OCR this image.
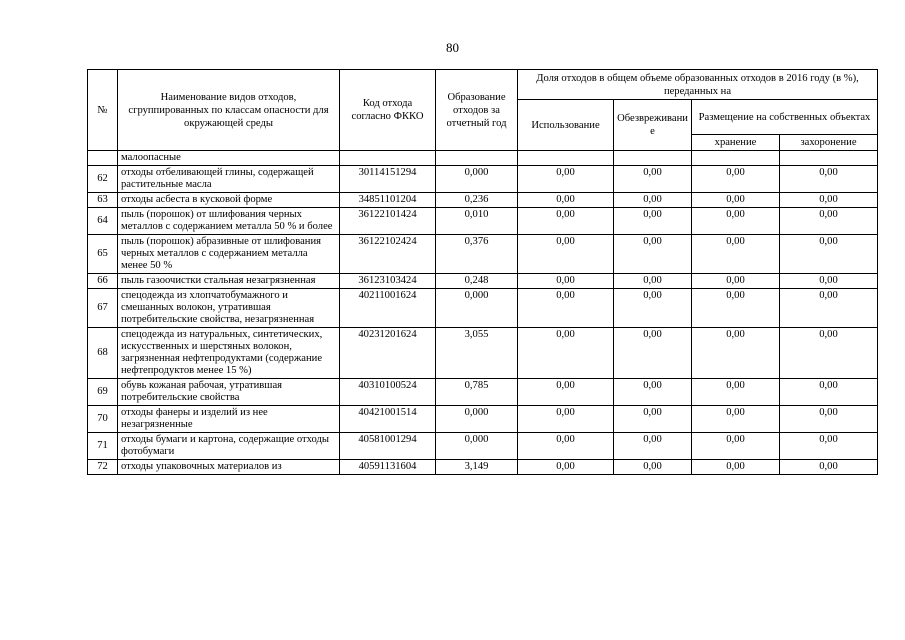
80
№	Наименование видов отходов, сгруппированных по классам опасности для окружающей среды	Код отхода согласно ФККО	Образование отходов за отчетный год	Доля отходов в общем объеме образованных отходов в 2016 году (в %), переданных на			
				Использование	Обезвреживание	Размещение на собственных объектах	
						хранение	захоронение
	малоопасные						
62	отходы отбеливающей глины, содержащей растительные масла	30114151294	0,000	0,00	0,00	0,00	0,00
63	отходы асбеста в кусковой форме	34851101204	0,236	0,00	0,00	0,00	0,00
64	пыль (порошок) от шлифования черных металлов с содержанием металла 50 % и более	36122101424	0,010	0,00	0,00	0,00	0,00
65	пыль (порошок) абразивные от шлифования черных металлов с содержанием металла менее 50 %	36122102424	0,376	0,00	0,00	0,00	0,00
66	пыль газоочистки стальная незагрязненная	36123103424	0,248	0,00	0,00	0,00	0,00
67	спецодежда из хлопчатобумажного и смешанных волокон, утратившая потребительские свойства, незагрязненная	40211001624	0,000	0,00	0,00	0,00	0,00
68	спецодежда из натуральных, синтетических, искусственных и шерстяных волокон, загрязненная нефтепродуктами (содержание нефтепродуктов менее 15 %)	40231201624	3,055	0,00	0,00	0,00	0,00
69	обувь кожаная рабочая, утратившая потребительские свойства	40310100524	0,785	0,00	0,00	0,00	0,00
70	отходы фанеры и изделий из нее незагрязненные	40421001514	0,000	0,00	0,00	0,00	0,00
71	отходы бумаги и картона, содержащие отходы фотобумаги	40581001294	0,000	0,00	0,00	0,00	0,00
72	отходы упаковочных материалов из	40591131604	3,149	0,00	0,00	0,00	0,00
